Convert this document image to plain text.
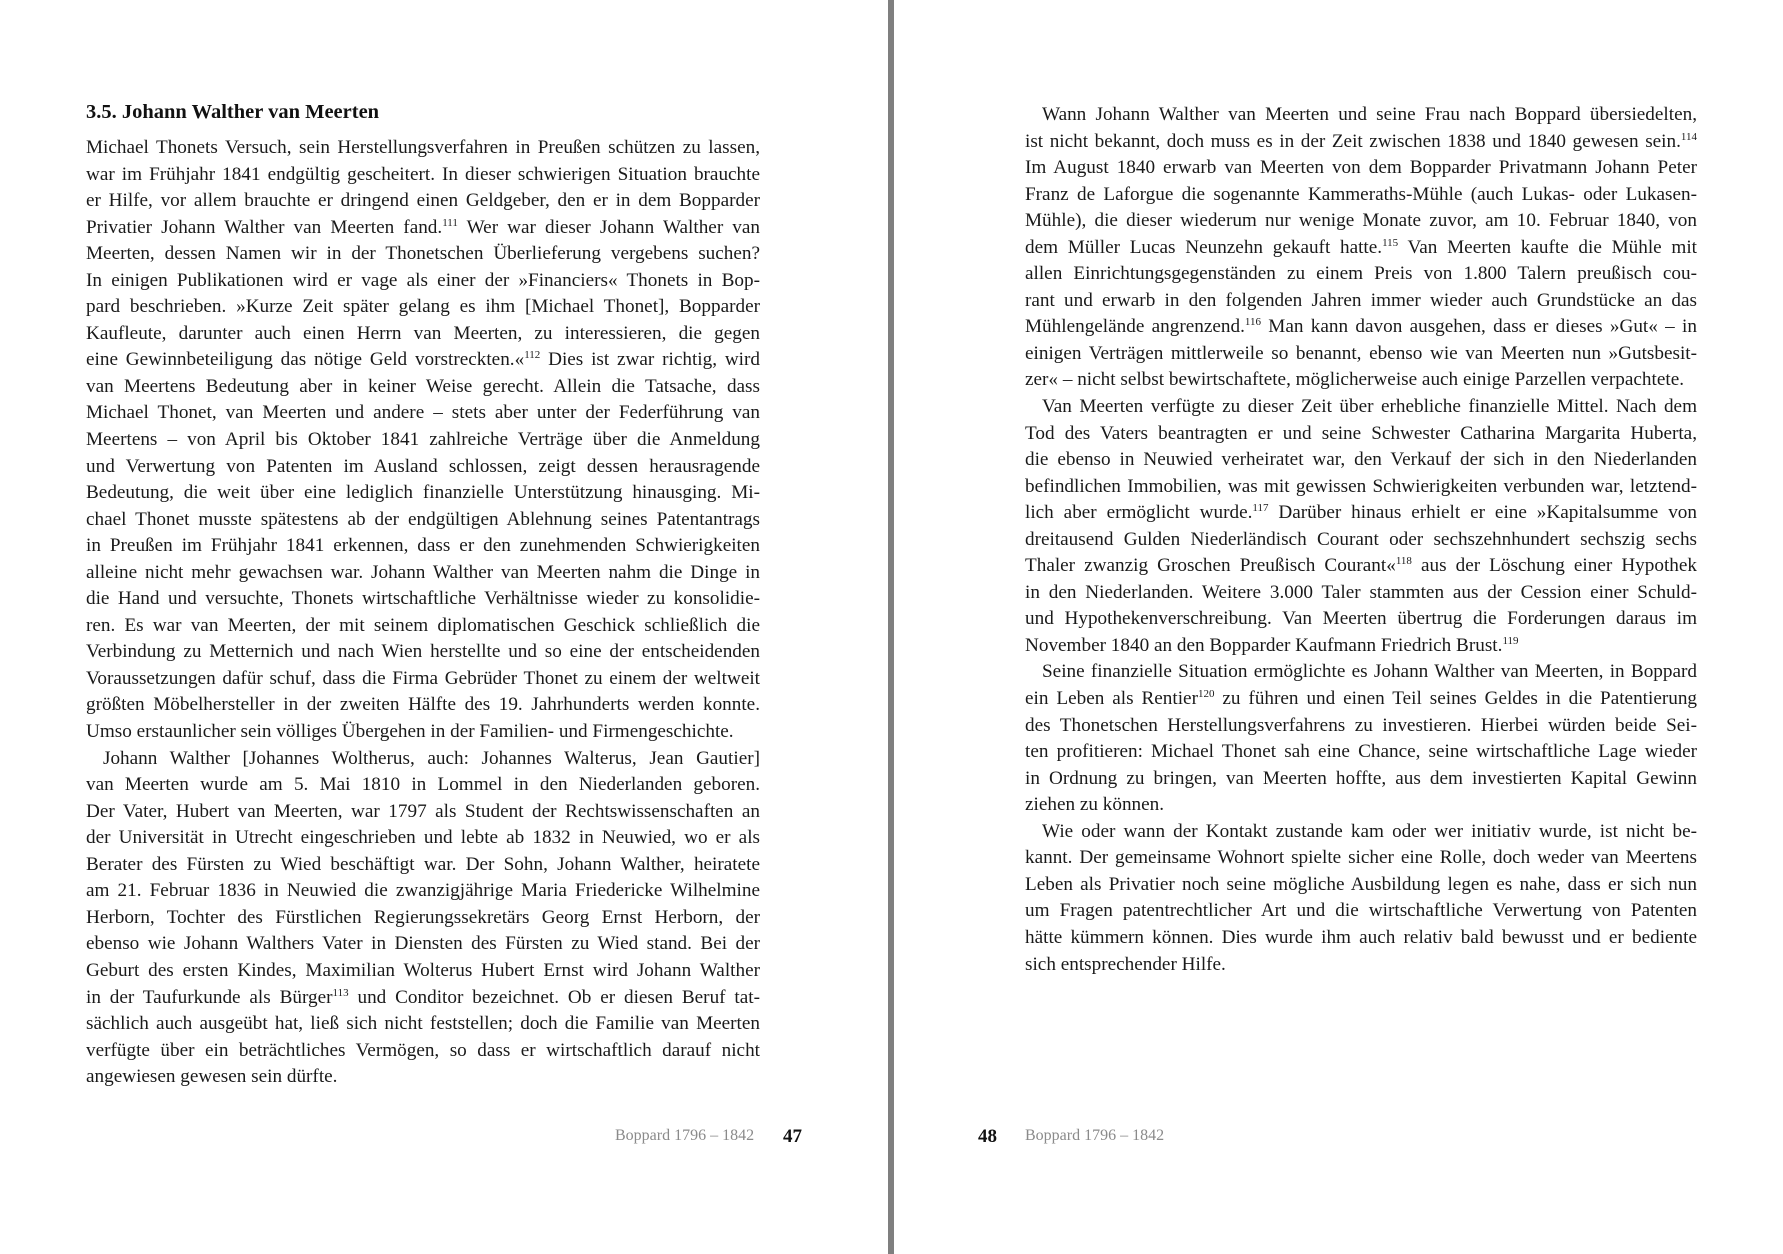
3.5. Johann Walther van Meerten
Michael Thonets Versuch, sein Herstellungsverfahren in Preußen schützen zu lassen,
war im Frühjahr 1841 endgültig gescheitert. In dieser schwierigen Situation brauchte
er Hilfe, vor allem brauchte er dringend einen Geldgeber, den er in dem Bopparder
Privatier Johann Walther van Meerten fand.$^{111}$ Wer war dieser Johann Walther van
Meerten, dessen Namen wir in der Thonetschen Überlieferung vergebens suchen?
In einigen Publikationen wird er vage als einer der »Financiers« Thonets in Bop-
pard beschrieben. »Kurze Zeit später gelang es ihm [Michael Thonet], Bopparder
Kaufleute, darunter auch einen Herrn van Meerten, zu interessieren, die gegen
eine Gewinnbeteiligung das nötige Geld vorstreckten.«$^{112}$ Dies ist zwar richtig, wird
van Meertens Bedeutung aber in keiner Weise gerecht. Allein die Tatsache, dass
Michael Thonet, van Meerten und andere – stets aber unter der Federführung van
Meertens – von April bis Oktober 1841 zahlreiche Verträge über die Anmeldung
und Verwertung von Patenten im Ausland schlossen, zeigt dessen herausragende
Bedeutung, die weit über eine lediglich finanzielle Unterstützung hinausging. Mi-
chael Thonet musste spätestens ab der endgültigen Ablehnung seines Patentantrags
in Preußen im Frühjahr 1841 erkennen, dass er den zunehmenden Schwierigkeiten
alleine nicht mehr gewachsen war. Johann Walther van Meerten nahm die Dinge in
die Hand und versuchte, Thonets wirtschaftliche Verhältnisse wieder zu konsolidie-
ren. Es war van Meerten, der mit seinem diplomatischen Geschick schließlich die
Verbindung zu Metternich und nach Wien herstellte und so eine der entscheidenden
Voraussetzungen dafür schuf, dass die Firma Gebrüder Thonet zu einem der weltweit
größten Möbelhersteller in der zweiten Hälfte des 19. Jahrhunderts werden konnte.
Umso erstaunlicher sein völliges Übergehen in der Familien- und Firmengeschichte.
Johann Walther [Johannes Woltherus, auch: Johannes Walterus, Jean Gautier]
van Meerten wurde am 5. Mai 1810 in Lommel in den Niederlanden geboren.
Der Vater, Hubert van Meerten, war 1797 als Student der Rechtswissenschaften an
der Universität in Utrecht eingeschrieben und lebte ab 1832 in Neuwied, wo er als
Berater des Fürsten zu Wied beschäftigt war. Der Sohn, Johann Walther, heiratete
am 21. Februar 1836 in Neuwied die zwanzigjährige Maria Friedericke Wilhelmine
Herborn, Tochter des Fürstlichen Regierungssekretärs Georg Ernst Herborn, der
ebenso wie Johann Walthers Vater in Diensten des Fürsten zu Wied stand. Bei der
Geburt des ersten Kindes, Maximilian Wolterus Hubert Ernst wird Johann Walther
in der Taufurkunde als Bürger$^{113}$ und Conditor bezeichnet. Ob er diesen Beruf tat-
sächlich auch ausgeübt hat, ließ sich nicht feststellen; doch die Familie van Meerten
verfügte über ein beträchtliches Vermögen, so dass er wirtschaftlich darauf nicht
angewiesen gewesen sein dürfte.
Boppard 1796 – 1842 47
Wann Johann Walther van Meerten und seine Frau nach Boppard übersiedelten,
ist nicht bekannt, doch muss es in der Zeit zwischen 1838 und 1840 gewesen sein.$^{114}$
Im August 1840 erwarb van Meerten von dem Bopparder Privatmann Johann Peter
Franz de Laforgue die sogenannte Kammeraths-Mühle (auch Lukas- oder Lukasen-
Mühle), die dieser wiederum nur wenige Monate zuvor, am 10. Februar 1840, von
dem Müller Lucas Neunzehn gekauft hatte.$^{115}$ Van Meerten kaufte die Mühle mit
allen Einrichtungsgegenständen zu einem Preis von 1.800 Talern preußisch cou-
rant und erwarb in den folgenden Jahren immer wieder auch Grundstücke an das
Mühlengelände angrenzend.$^{116}$ Man kann davon ausgehen, dass er dieses »Gut« – in
einigen Verträgen mittlerweile so benannt, ebenso wie van Meerten nun »Gutsbesit-
zer« – nicht selbst bewirtschaftete, möglicherweise auch einige Parzellen verpachtete.
Van Meerten verfügte zu dieser Zeit über erhebliche finanzielle Mittel. Nach dem
Tod des Vaters beantragten er und seine Schwester Catharina Margarita Huberta,
die ebenso in Neuwied verheiratet war, den Verkauf der sich in den Niederlanden
befindlichen Immobilien, was mit gewissen Schwierigkeiten verbunden war, letztend-
lich aber ermöglicht wurde.$^{117}$ Darüber hinaus erhielt er eine »Kapitalsumme von
dreitausend Gulden Niederländisch Courant oder sechszehnhundert sechszig sechs
Thaler zwanzig Groschen Preußisch Courant«$^{118}$ aus der Löschung einer Hypothek
in den Niederlanden. Weitere 3.000 Taler stammten aus der Cession einer Schuld-
und Hypothekenverschreibung. Van Meerten übertrug die Forderungen daraus im
November 1840 an den Bopparder Kaufmann Friedrich Brust.$^{119}$
Seine finanzielle Situation ermöglichte es Johann Walther van Meerten, in Boppard
ein Leben als Rentier$^{120}$ zu führen und einen Teil seines Geldes in die Patentierung
des Thonetschen Herstellungsverfahrens zu investieren. Hierbei würden beide Sei-
ten profitieren: Michael Thonet sah eine Chance, seine wirtschaftliche Lage wieder
in Ordnung zu bringen, van Meerten hoffte, aus dem investierten Kapital Gewinn
ziehen zu können.
Wie oder wann der Kontakt zustande kam oder wer initiativ wurde, ist nicht be-
kannt. Der gemeinsame Wohnort spielte sicher eine Rolle, doch weder van Meertens
Leben als Privatier noch seine mögliche Ausbildung legen es nahe, dass er sich nun
um Fragen patentrechtlicher Art und die wirtschaftliche Verwertung von Patenten
hätte kümmern können. Dies wurde ihm auch relativ bald bewusst und er bediente
sich entsprechender Hilfe.
48 Boppard 1796 – 1842
